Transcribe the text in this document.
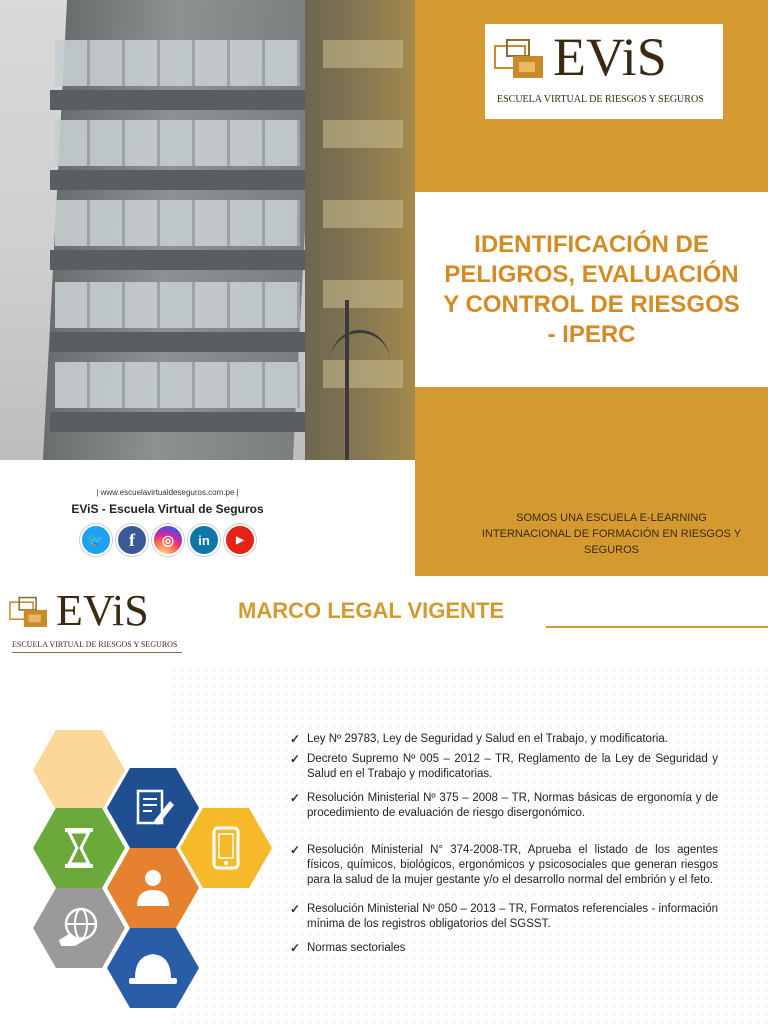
EViS
ESCUELA VIRTUAL DE RIESGOS Y SEGUROS
IDENTIFICACIÓN DE PELIGROS, EVALUACIÓN Y CONTROL DE RIESGOS - IPERC
SOMOS UNA ESCUELA E-LEARNING
INTERNACIONAL DE FORMACIÓN EN RIESGOS Y SEGUROS
| www.escuelavirtualdeseguros.com.pe |
EViS - Escuela Virtual de Seguros
🐦	f	◎	in	▶
EViS
ESCUELA VIRTUAL DE RIESGOS Y SEGUROS
MARCO LEGAL VIGENTE
✓ Ley Nº 29783, Ley de Seguridad y Salud en el Trabajo, y modificatoria.
✓ Decreto Supremo Nº 005 – 2012 – TR, Reglamento de la Ley de Seguridad y Salud en el Trabajo y modificatorias.
✓ Resolución Ministerial Nº 375 – 2008 – TR, Normas básicas de ergonomía y de procedimiento de evaluación de riesgo disergonómico.
✓ Resolución Ministerial N° 374-2008-TR, Aprueba el listado de los agentes físicos, químicos, biológicos, ergonómicos y psicosociales que generan riesgos para la salud de la mujer gestante y/o el desarrollo normal del embrión y el feto.
✓ Resolución Ministerial Nº 050 – 2013 – TR, Formatos referenciales - información mínima de los registros obligatorios del SGSST.
✓ Normas sectoriales
